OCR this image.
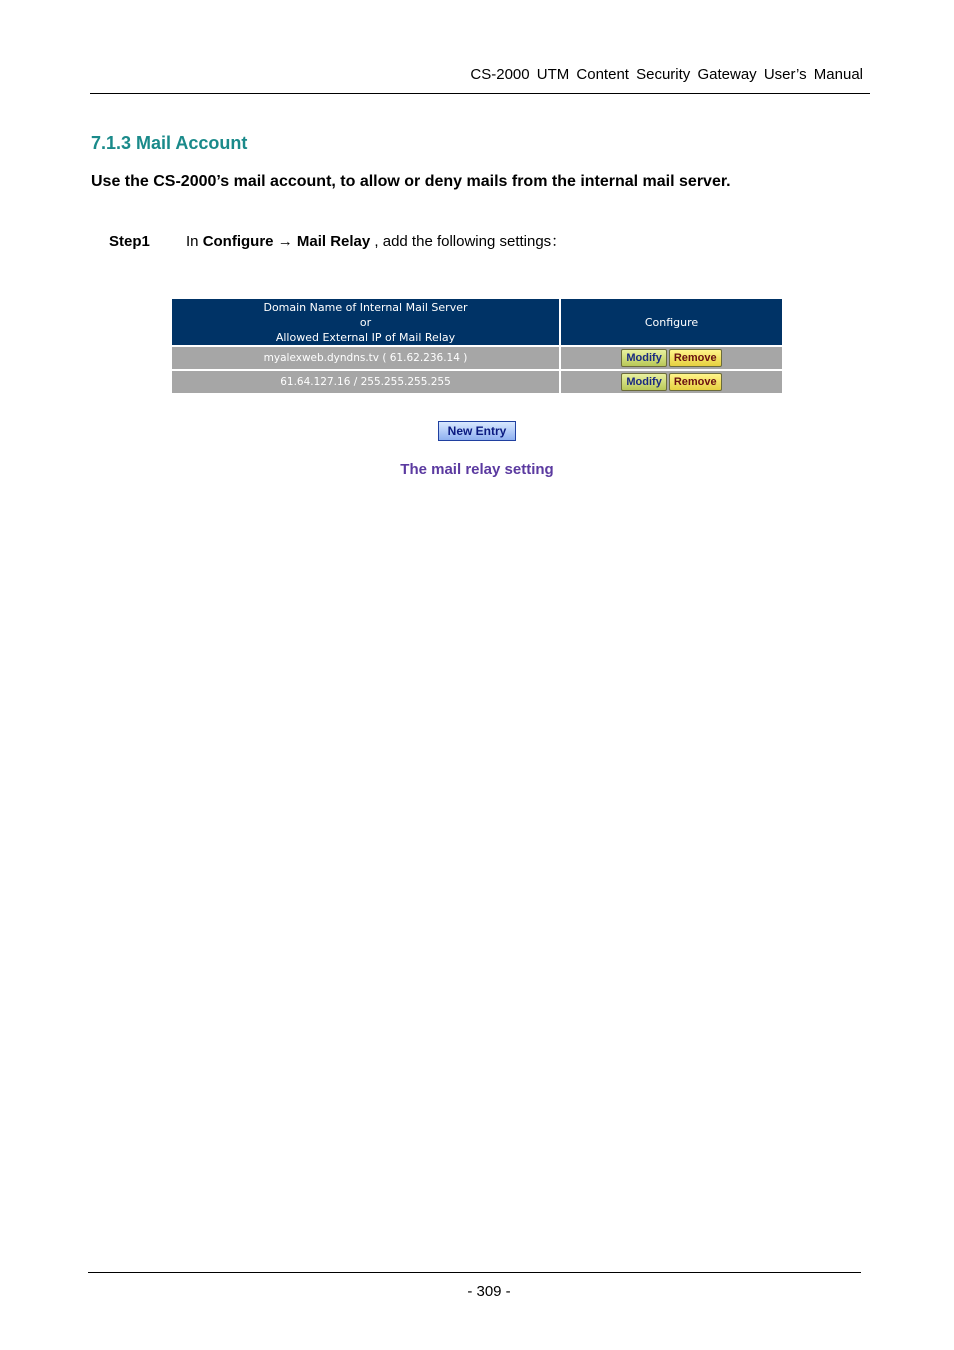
CS-2000 UTM Content Security Gateway User’s Manual
7.1.3 Mail Account
Use the CS-2000’s mail account, to allow or deny mails from the internal mail server.
Step1 In Configure → Mail Relay , add the following settings：
Domain Name of Internal Mail Server
or
Allowed External IP of Mail Relay	Configure
myalexweb.dyndns.tv ( 61.62.236.14 )	Modify Remove
61.64.127.16 / 255.255.255.255	Modify Remove
New Entry
The mail relay setting
- 309 -
